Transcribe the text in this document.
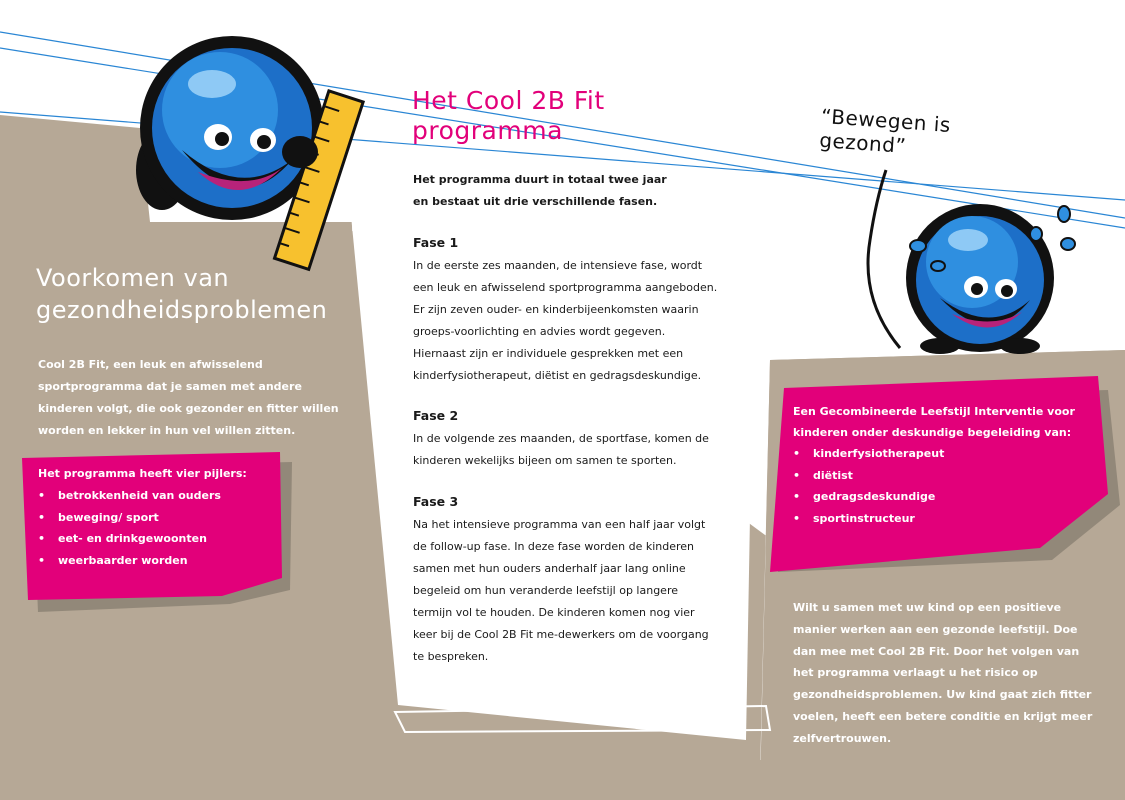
Voorkomen van
gezondheidsproblemen
Cool 2B Fit, een leuk en afwisselend sportprogramma dat je samen met andere kinderen volgt, die ook gezonder en fitter willen worden en lekker in hun vel willen zitten.
Het programma heeft vier pijlers:
• betrokkenheid van ouders
• beweging/ sport
• eet- en drinkgewoonten
• weerbaarder worden
Het Cool 2B Fit
programma
Het programma duurt in totaal twee jaar en bestaat uit drie verschillende fasen.
Fase 1
In de eerste zes maanden, de intensieve fase, wordt een leuk en afwisselend sportprogramma aangeboden. Er zijn zeven ouder- en kinderbijeenkomsten waarin groeps-voorlichting en advies wordt gegeven. Hiernaast zijn er individuele gesprekken met een kinderfysiotherapeut, diëtist en gedragsdeskundige.
Fase 2
In de volgende zes maanden, de sportfase, komen de kinderen wekelijks bijeen om samen te sporten.
Fase 3
Na het intensieve programma van een half jaar volgt de follow-up fase. In deze fase worden de kinderen samen met hun ouders anderhalf jaar lang online begeleid om hun veranderde leefstijl op langere termijn vol te houden. De kinderen komen nog vier keer bij de Cool 2B Fit me-dewerkers om de voorgang te bespreken.
“Bewegen is gezond”
Een Gecombineerde Leefstijl Interventie voor kinderen onder deskundige begeleiding van:
• kinderfysiotherapeut
• diëtist
• gedragsdeskundige
• sportinstructeur
Wilt u samen met uw kind op een positieve manier werken aan een gezonde leefstijl. Doe dan mee met Cool 2B Fit. Door het volgen van het programma verlaagt u het risico op gezondheidsproblemen. Uw kind gaat zich fitter voelen, heeft een betere conditie en krijgt meer zelfvertrouwen.
